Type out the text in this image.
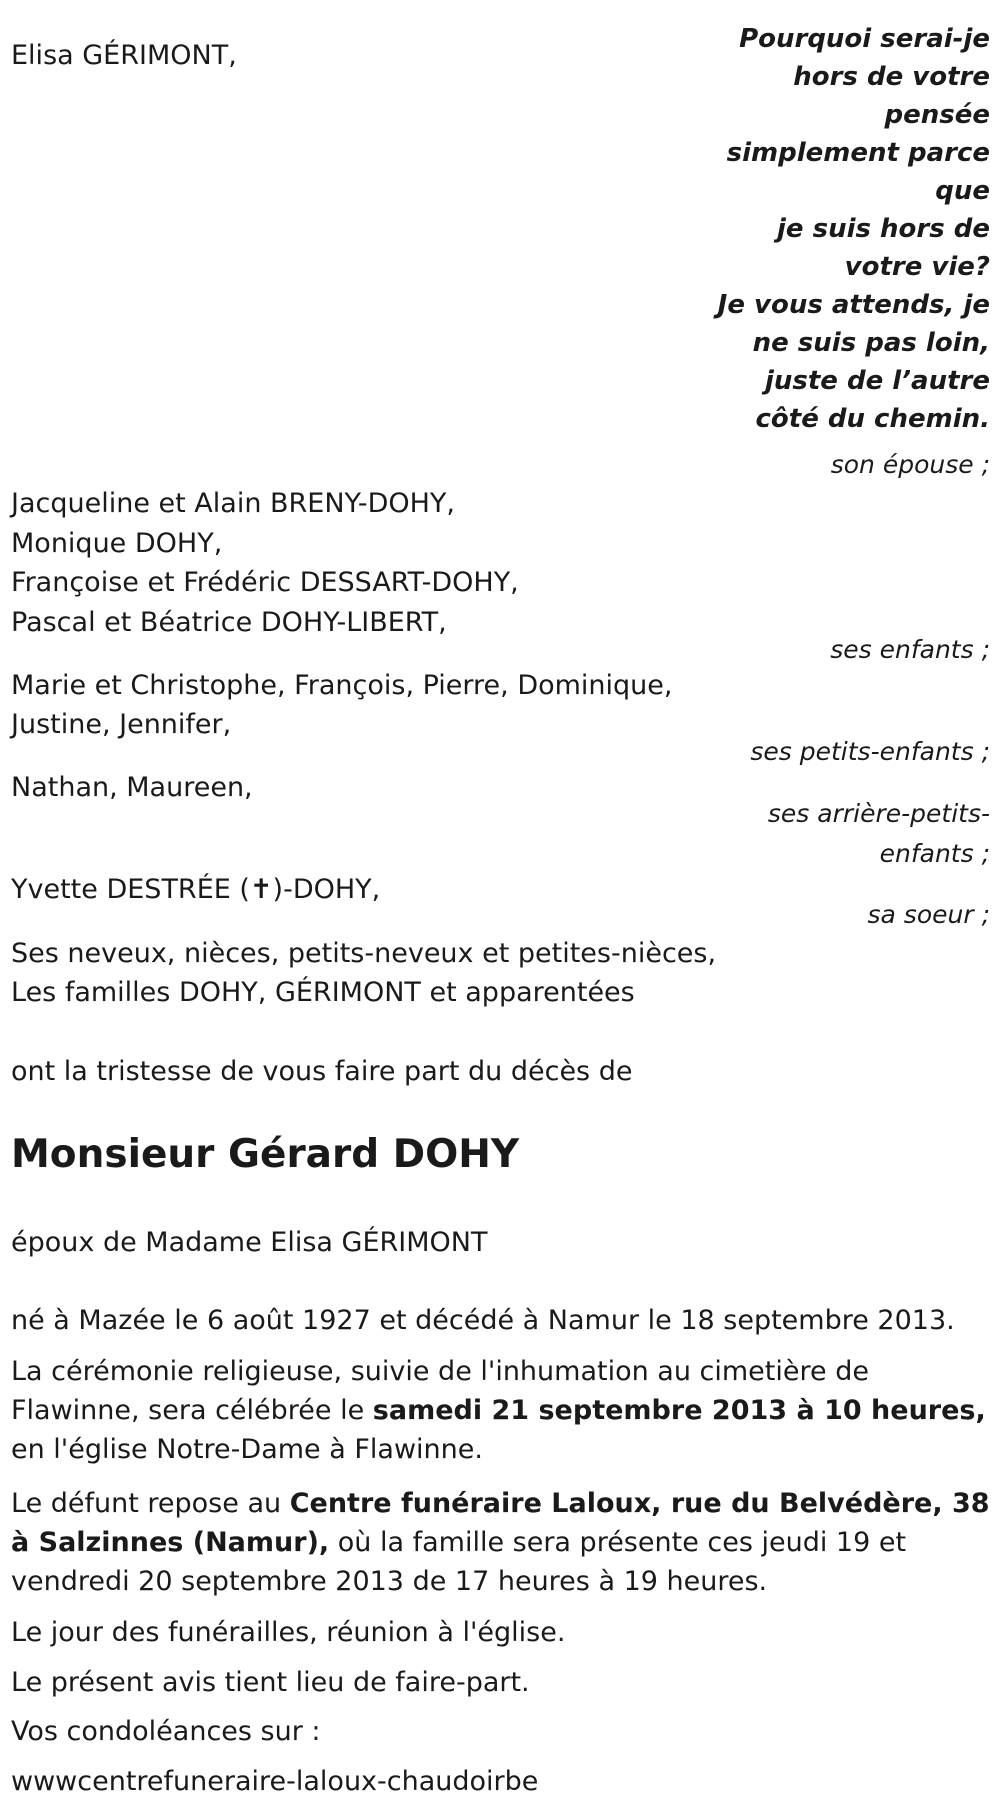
Elisa GÉRIMONT,
Pourquoi serai-je
hors de votre
pensée
simplement parce
que
je suis hors de
votre vie?
Je vous attends, je
ne suis pas loin,
juste de l’autre
côté du chemin.
son épouse ;
ses enfants ;
ses petits-enfants ;
ses arrière-petits-
enfants ;
sa soeur ;
Jacqueline et Alain BRENY-DOHY,
Monique DOHY,
Françoise et Frédéric DESSART-DOHY,
Pascal et Béatrice DOHY-LIBERT,
Marie et Christophe, François, Pierre, Dominique,
Justine, Jennifer,
Nathan, Maureen,
Yvette DESTRÉE (✝)-DOHY,
Ses neveux, nièces, petits-neveux et petites-nièces,
Les familles DOHY, GÉRIMONT et apparentées
ont la tristesse de vous faire part du décès de
Monsieur Gérard DOHY
époux de Madame Elisa GÉRIMONT
né à Mazée le 6 août 1927 et décédé à Namur le 18 septembre 2013.
La cérémonie religieuse, suivie de l'inhumation au cimetière de Flawinne, sera célébrée le samedi 21 septembre 2013 à 10 heures, en l'église Notre-Dame à Flawinne.
Le défunt repose au Centre funéraire Laloux, rue du Belvédère, 38 à Salzinnes (Namur), où la famille sera présente ces jeudi 19 et vendredi 20 septembre 2013 de 17 heures à 19 heures.
Le jour des funérailles, réunion à l'église.
Le présent avis tient lieu de faire-part.
Vos condoléances sur :
wwwcentrefuneraire-laloux-chaudoirbe
